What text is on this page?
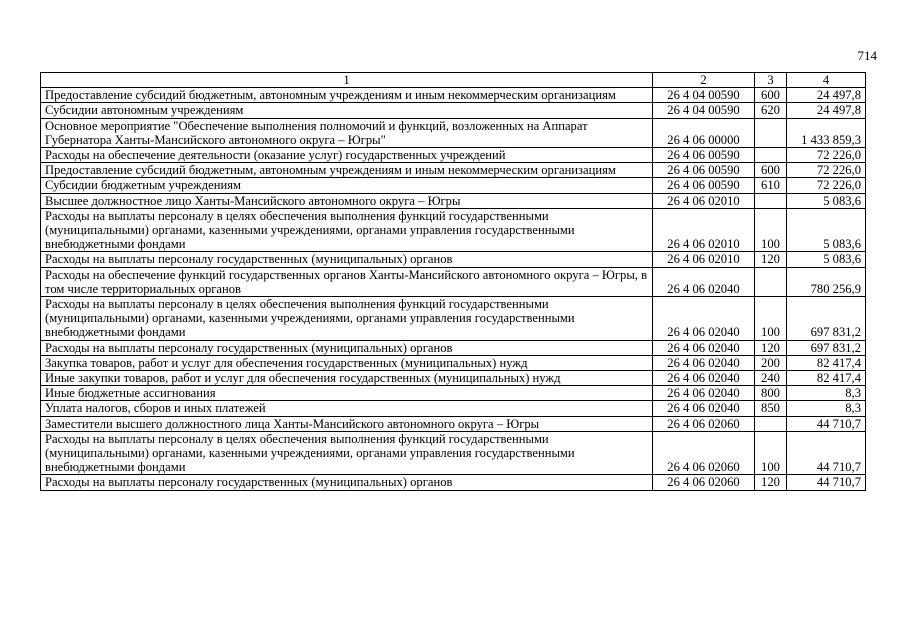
714
1	2	3	4
Предоставление субсидий бюджетным, автономным учреждениям и иным некоммерческим организациям	26 4 04 00590	600	24 497,8
Субсидии автономным учреждениям	26 4 04 00590	620	24 497,8
Основное мероприятие "Обеспечение выполнения полномочий и функций, возложенных на Аппарат Губернатора Ханты-Мансийского автономного округа – Югры"	26 4 06 00000		1 433 859,3
Расходы на обеспечение деятельности (оказание услуг) государственных учреждений	26 4 06 00590		72 226,0
Предоставление субсидий бюджетным, автономным учреждениям и иным некоммерческим организациям	26 4 06 00590	600	72 226,0
Субсидии бюджетным учреждениям	26 4 06 00590	610	72 226,0
Высшее должностное лицо Ханты-Мансийского автономного округа – Югры	26 4 06 02010		5 083,6
Расходы на выплаты персоналу в целях обеспечения выполнения функций государственными (муниципальными) органами, казенными учреждениями, органами управления государственными внебюджетными фондами	26 4 06 02010	100	5 083,6
Расходы на выплаты персоналу государственных (муниципальных) органов	26 4 06 02010	120	5 083,6
Расходы на обеспечение функций государственных органов Ханты-Мансийского автономного округа – Югры, в том числе территориальных органов	26 4 06 02040		780 256,9
Расходы на выплаты персоналу в целях обеспечения выполнения функций государственными (муниципальными) органами, казенными учреждениями, органами управления государственными внебюджетными фондами	26 4 06 02040	100	697 831,2
Расходы на выплаты персоналу государственных (муниципальных) органов	26 4 06 02040	120	697 831,2
Закупка товаров, работ и услуг для обеспечения государственных (муниципальных) нужд	26 4 06 02040	200	82 417,4
Иные закупки товаров, работ и услуг для обеспечения государственных (муниципальных) нужд	26 4 06 02040	240	82 417,4
Иные бюджетные ассигнования	26 4 06 02040	800	8,3
Уплата налогов, сборов и иных платежей	26 4 06 02040	850	8,3
Заместители высшего должностного лица Ханты-Мансийского автономного округа – Югры	26 4 06 02060		44 710,7
Расходы на выплаты персоналу в целях обеспечения выполнения функций государственными (муниципальными) органами, казенными учреждениями, органами управления государственными внебюджетными фондами	26 4 06 02060	100	44 710,7
Расходы на выплаты персоналу государственных (муниципальных) органов	26 4 06 02060	120	44 710,7
